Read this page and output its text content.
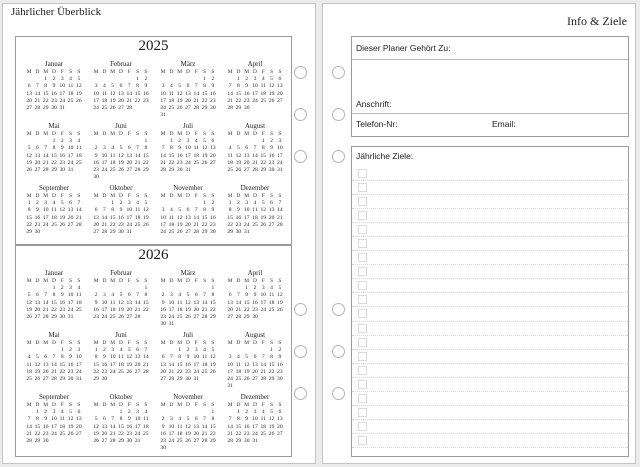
Jährlicher Überblick
2025
Januar
M D M D F S S
1 2 3 4 5
6 7 8 9 10 11 12
13 14 15 16 17 18 19
20 21 22 23 24 25 26
27 28 29 30 31
Februar
M D M D F S S
1 2
3 4 5 6 7 8 9
10 11 12 13 14 15 16
17 18 19 20 21 22 23
24 25 26 27 28
März
M D M D F S S
1 2
3 4 5 6 7 8 9
10 11 12 13 14 15 16
17 18 19 20 21 22 23
24 25 26 27 28 29 30
31
April
M D M D F S S
1 2 3 4 5 6
7 8 9 10 11 12 13
14 15 16 17 18 19 20
21 22 23 24 25 26 27
28 29 30
Mai
M D M D F S S
1 2 3 4
5 6 7 8 9 10 11
12 13 14 15 16 17 18
19 20 21 22 23 24 25
26 27 28 29 30 31
Juni
M D M D F S S
1
2 3 4 5 6 7 8
9 10 11 12 13 14 15
16 17 18 19 20 21 22
23 24 25 26 27 28 29
30
Juli
M D M D F S S
1 2 3 4 5 6
7 8 9 10 11 12 13
14 15 16 17 18 19 20
21 22 23 24 25 26 27
28 29 30 31
August
M D M D F S S
1 2 3
4 5 6 7 8 9 10
11 12 13 14 15 16 17
18 19 20 21 22 23 24
25 26 27 28 29 30 31
September
M D M D F S S
1 2 3 4 5 6 7
8 9 10 11 12 13 14
15 16 17 18 19 20 21
22 23 24 25 26 27 28
29 30
Oktober
M D M D F S S
1 2 3 4 5
6 7 8 9 10 11 12
13 14 15 16 17 18 19
20 21 22 23 24 25 26
27 28 29 30 31
November
M D M D F S S
1 2
3 4 5 6 7 8 9
10 11 12 13 14 15 16
17 18 19 20 21 22 23
24 25 26 27 28 29 30
Dezember
M D M D F S S
1 2 3 4 5 6 7
8 9 10 11 12 13 14
15 16 17 18 19 20 21
22 23 24 25 26 27 28
29 30 31
2026
Januar
M D M D F S S
1 2 3 4
5 6 7 8 9 10 11
12 13 14 15 16 17 18
19 20 21 22 23 24 25
26 27 28 29 30 31
Februar
M D M D F S S
1
2 3 4 5 6 7 8
9 10 11 12 13 14 15
16 17 18 19 20 21 22
23 24 25 26 27 28
März
M D M D F S S
1
2 3 4 5 6 7 8
9 10 11 12 13 14 15
16 17 18 19 20 21 22
23 24 25 26 27 28 29
30 31
April
M D M D F S S
1 2 3 4 5
6 7 8 9 10 11 12
13 14 15 16 17 18 19
20 21 22 23 24 25 26
27 28 29 30
Mai
M D M D F S S
1 2 3
4 5 6 7 8 9 10
11 12 13 14 15 16 17
18 19 20 21 22 23 24
25 26 27 28 29 30 31
Juni
M D M D F S S
1 2 3 4 5 6 7
8 9 10 11 12 13 14
15 16 17 18 19 20 21
22 23 24 25 26 27 28
29 30
Juli
M D M D F S S
1 2 3 4 5
6 7 8 9 10 11 12
13 14 15 16 17 18 19
20 21 22 23 24 25 26
27 28 29 30 31
August
M D M D F S S
1 2
3 4 5 6 7 8 9
10 11 12 13 14 15 16
17 18 19 20 21 22 23
24 25 26 27 28 29 30
31
September
M D M D F S S
1 2 3 4 5 6
7 8 9 10 11 12 13
14 15 16 17 18 19 20
21 22 23 24 25 26 27
28 29 30
Oktober
M D M D F S S
1 2 3 4
5 6 7 8 9 10 11
12 13 14 15 16 17 18
19 20 21 22 23 24 25
26 27 28 29 30 31
November
M D M D F S S
1
2 3 4 5 6 7 8
9 10 11 12 13 14 15
16 17 18 19 20 21 22
23 24 25 26 27 28 29
30
Dezember
M D M D F S S
1 2 3 4 5 6
7 8 9 10 11 12 13
14 15 16 17 18 19 20
21 22 23 24 25 26 27
28 29 30 31
Info & Ziele
Dieser Planer Gehört Zu:
Anschrift:
Telefon-Nr:	Email:
Jährliche Ziele:
